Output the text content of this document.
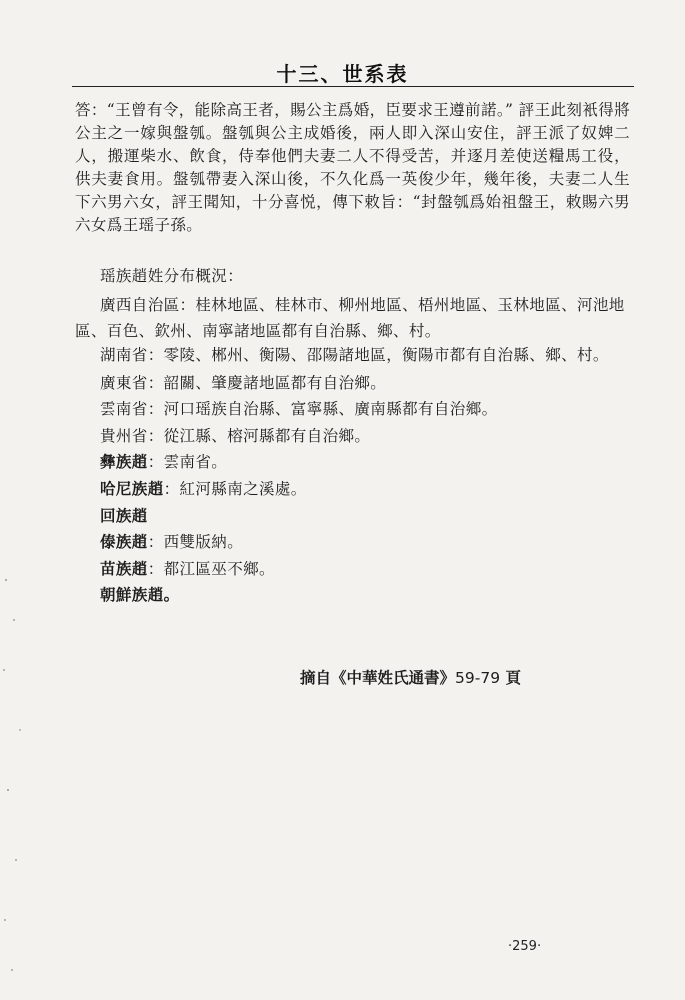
十三、世系表

答：“王曾有令，能除高王者，賜公主爲婚，臣要求王遵前諾。” 評王此刻衹得將公主之一嫁與盤瓠。盤瓠與公主成婚後，兩人即入深山安住，評王派了奴婢二人，搬運柴水、飲食，侍奉他們夫妻二人不得受苦，并逐月差使送糧馬工役，供夫妻食用。盤瓠帶妻入深山後，不久化爲一英俊少年，幾年後，夫妻二人生下六男六女，評王聞知，十分喜悦，傳下敕旨：“封盤瓠爲始祖盤王，敕賜六男六女爲王瑶子孫。

瑶族趙姓分布概況：

廣西自治區：桂林地區、桂林市、柳州地區、梧州地區、玉林地區、河池地區、百色、欽州、南寧諸地區都有自治縣、鄉、村。

湖南省：零陵、郴州、衡陽、邵陽諸地區，衡陽市都有自治縣、鄉、村。

廣東省：韶關、肇慶諸地區都有自治鄉。

雲南省：河口瑶族自治縣、富寧縣、廣南縣都有自治鄉。

貴州省：從江縣、榕河縣都有自治鄉。

彝族趙：雲南省。

哈尼族趙：紅河縣南之溪處。

回族趙

傣族趙：西雙版納。

苗族趙：都江區巫不鄉。

朝鮮族趙。

摘自《中華姓氏通書》59-79 頁

·259·
